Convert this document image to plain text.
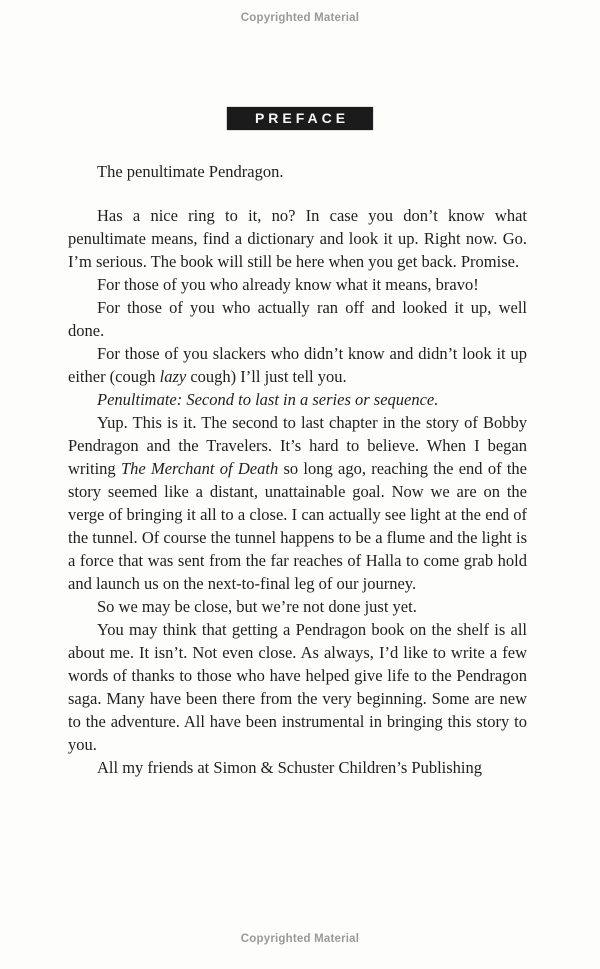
Copyrighted Material
PREFACE

The penultimate Pendragon.

Has a nice ring to it, no? In case you don’t know what penultimate means, find a dictionary and look it up. Right now. Go. I’m serious. The book will still be here when you get back. Promise.

For those of you who already know what it means, bravo!

For those of you who actually ran off and looked it up, well done.

For those of you slackers who didn’t know and didn’t look it up either (cough lazy cough) I’ll just tell you.

Penultimate: Second to last in a series or sequence.

Yup. This is it. The second to last chapter in the story of Bobby Pendragon and the Travelers. It’s hard to believe. When I began writing The Merchant of Death so long ago, reaching the end of the story seemed like a distant, unattainable goal. Now we are on the verge of bringing it all to a close. I can actually see light at the end of the tunnel. Of course the tunnel happens to be a flume and the light is a force that was sent from the far reaches of Halla to come grab hold and launch us on the next-to-final leg of our journey.

So we may be close, but we’re not done just yet.

You may think that getting a Pendragon book on the shelf is all about me. It isn’t. Not even close. As always, I’d like to write a few words of thanks to those who have helped give life to the Pendragon saga. Many have been there from the very beginning. Some are new to the adventure. All have been instrumental in bringing this story to you.

All my friends at Simon & Schuster Children’s Publishing

Copyrighted Material
